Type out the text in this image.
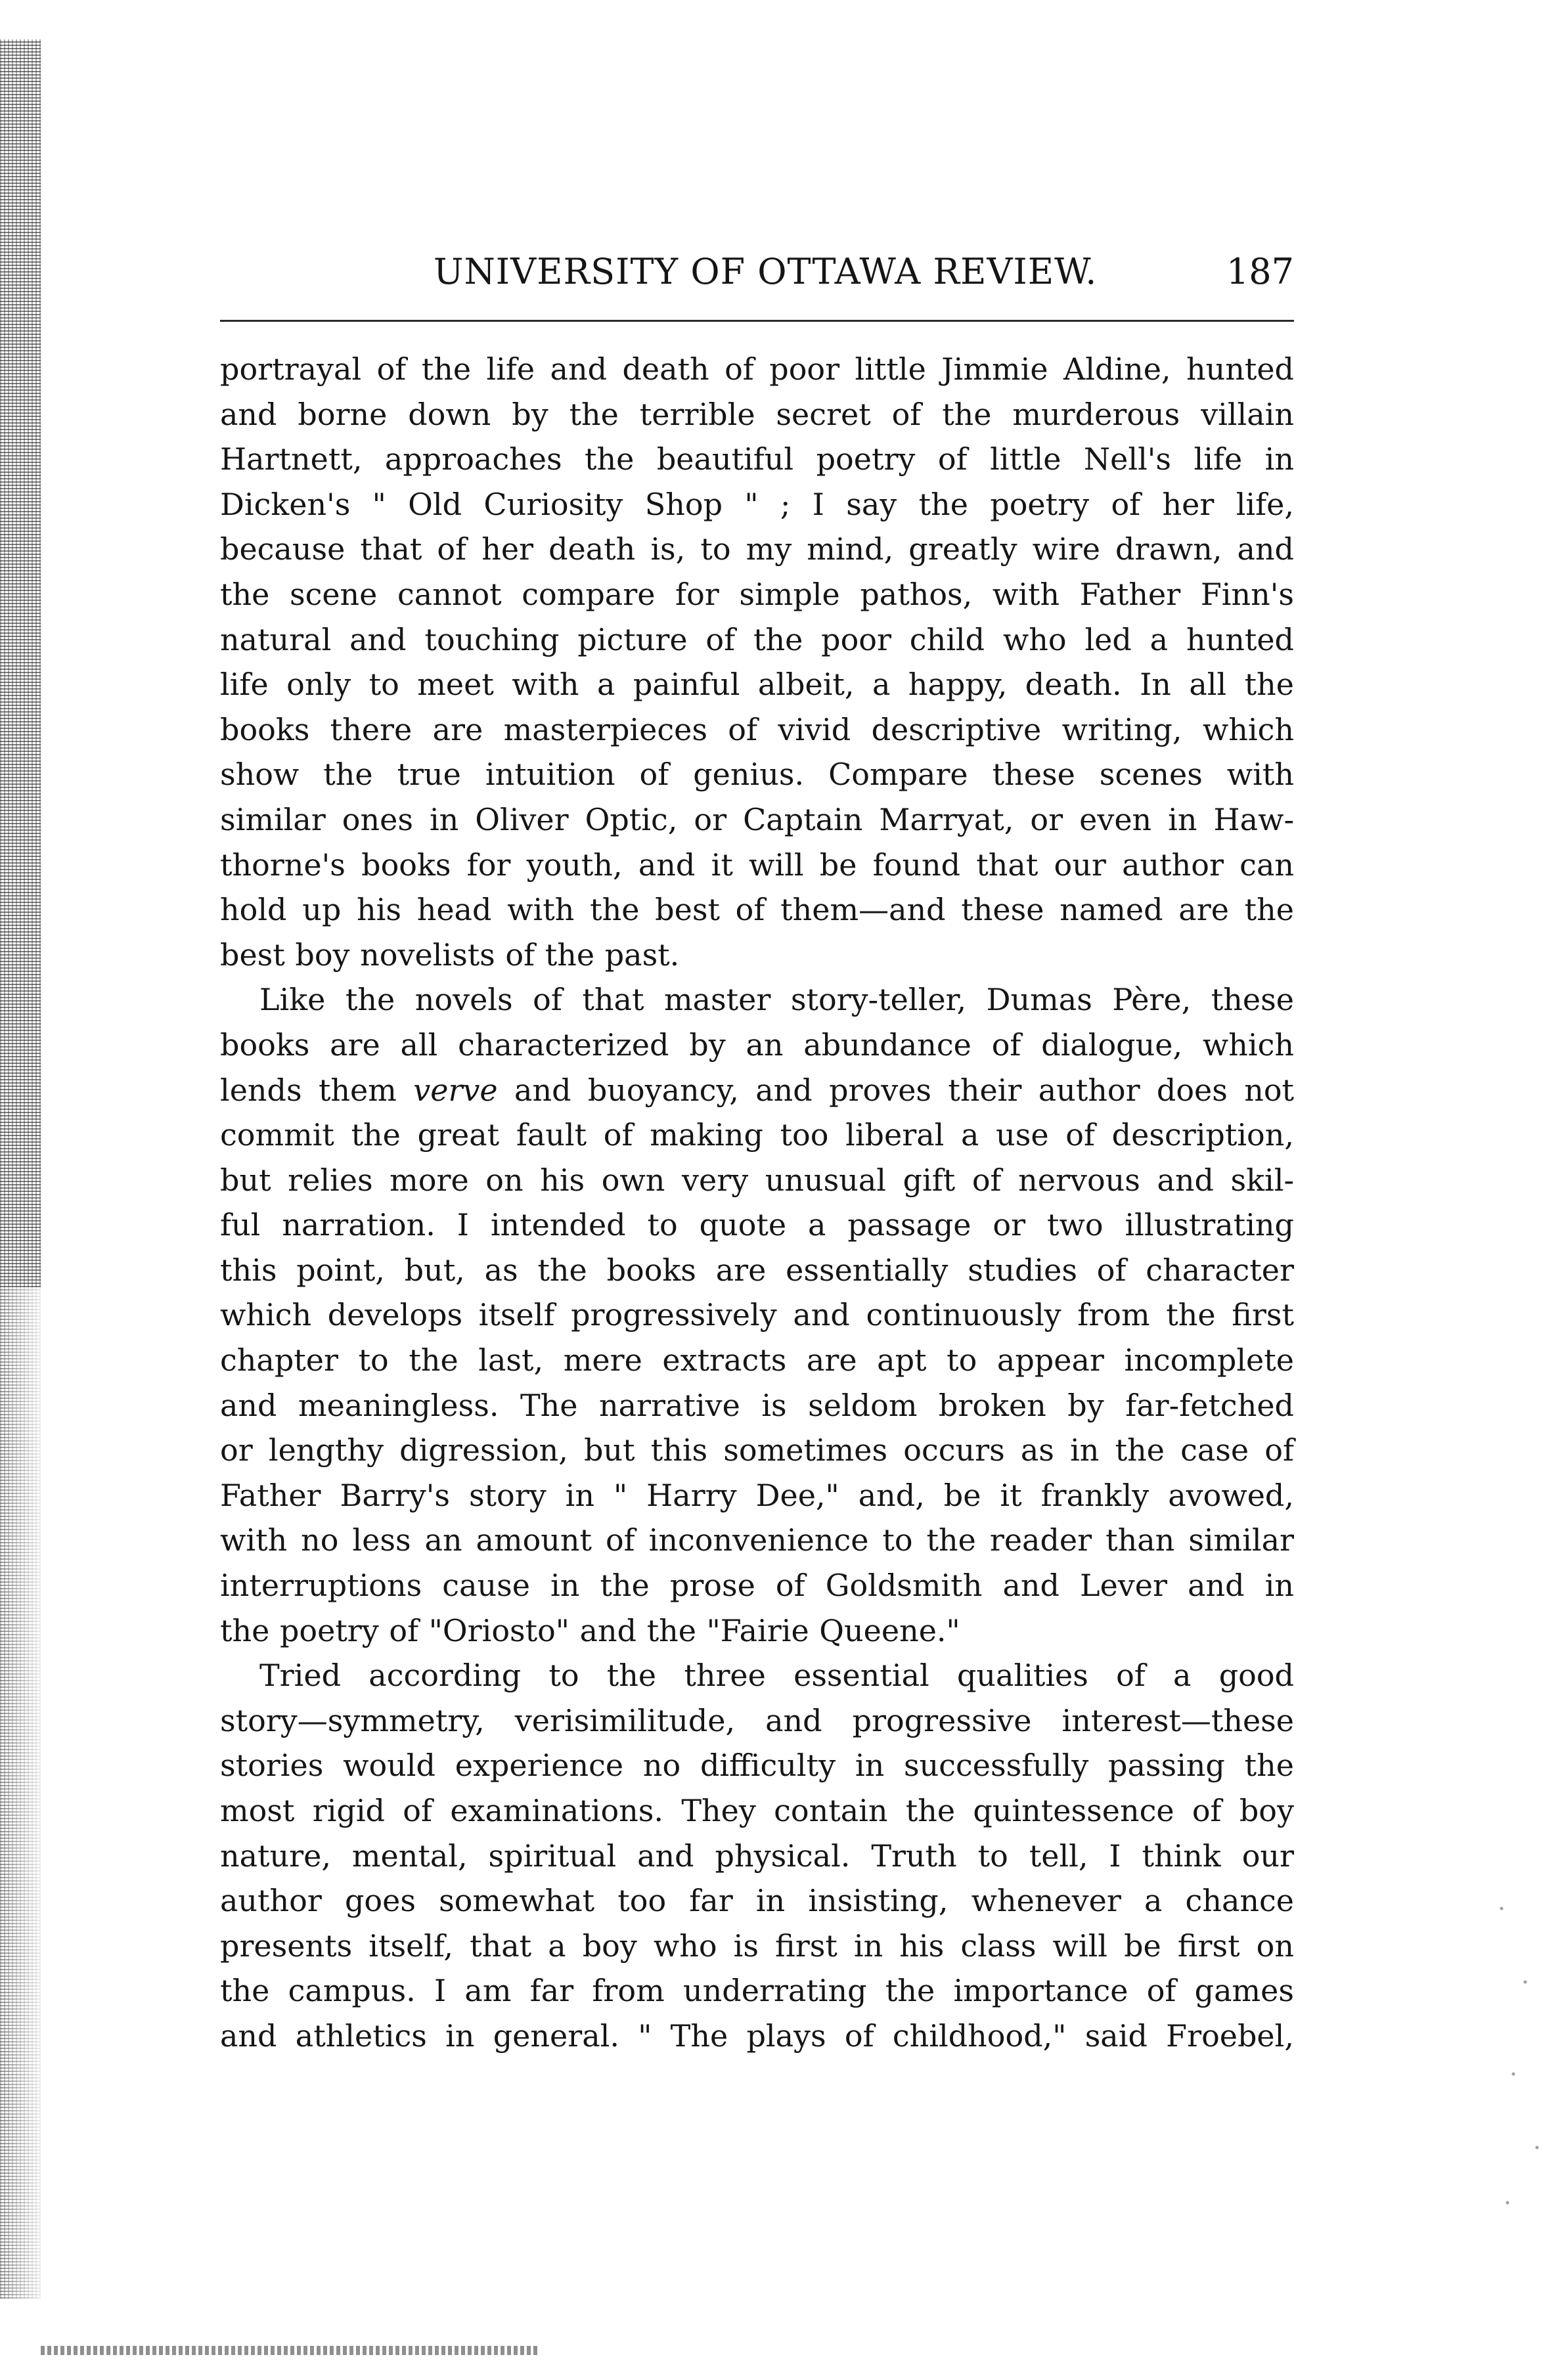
UNIVERSITY OF OTTAWA REVIEW.	187
portrayal of the life and death of poor little Jimmie Aldine, hunted
and borne down by the terrible secret of the murderous villain
Hartnett, approaches the beautiful poetry of little Nell's life in
Dicken's " Old Curiosity Shop " ; I say the poetry of her life,
because that of her death is, to my mind, greatly wire drawn, and
the scene cannot compare for simple pathos, with Father Finn's
natural and touching picture of the poor child who led a hunted
life only to meet with a painful albeit, a happy, death. In all the
books there are masterpieces of vivid descriptive writing, which
show the true intuition of genius. Compare these scenes with
similar ones in Oliver Optic, or Captain Marryat, or even in Haw-
thorne's books for youth, and it will be found that our author can
hold up his head with the best of them—and these named are the
best boy novelists of the past.
Like the novels of that master story-teller, Dumas Père, these
books are all characterized by an abundance of dialogue, which
lends them verve and buoyancy, and proves their author does not
commit the great fault of making too liberal a use of description,
but relies more on his own very unusual gift of nervous and skil-
ful narration. I intended to quote a passage or two illustrating
this point, but, as the books are essentially studies of character
which develops itself progressively and continuously from the first
chapter to the last, mere extracts are apt to appear incomplete
and meaningless. The narrative is seldom broken by far-fetched
or lengthy digression, but this sometimes occurs as in the case of
Father Barry's story in " Harry Dee," and, be it frankly avowed,
with no less an amount of inconvenience to the reader than similar
interruptions cause in the prose of Goldsmith and Lever and in
the poetry of "Oriosto" and the "Fairie Queene."
Tried according to the three essential qualities of a good
story—symmetry, verisimilitude, and progressive interest—these
stories would experience no difficulty in successfully passing the
most rigid of examinations. They contain the quintessence of boy
nature, mental, spiritual and physical. Truth to tell, I think our
author goes somewhat too far in insisting, whenever a chance
presents itself, that a boy who is first in his class will be first on
the campus. I am far from underrating the importance of games
and athletics in general. " The plays of childhood," said Froebel,
